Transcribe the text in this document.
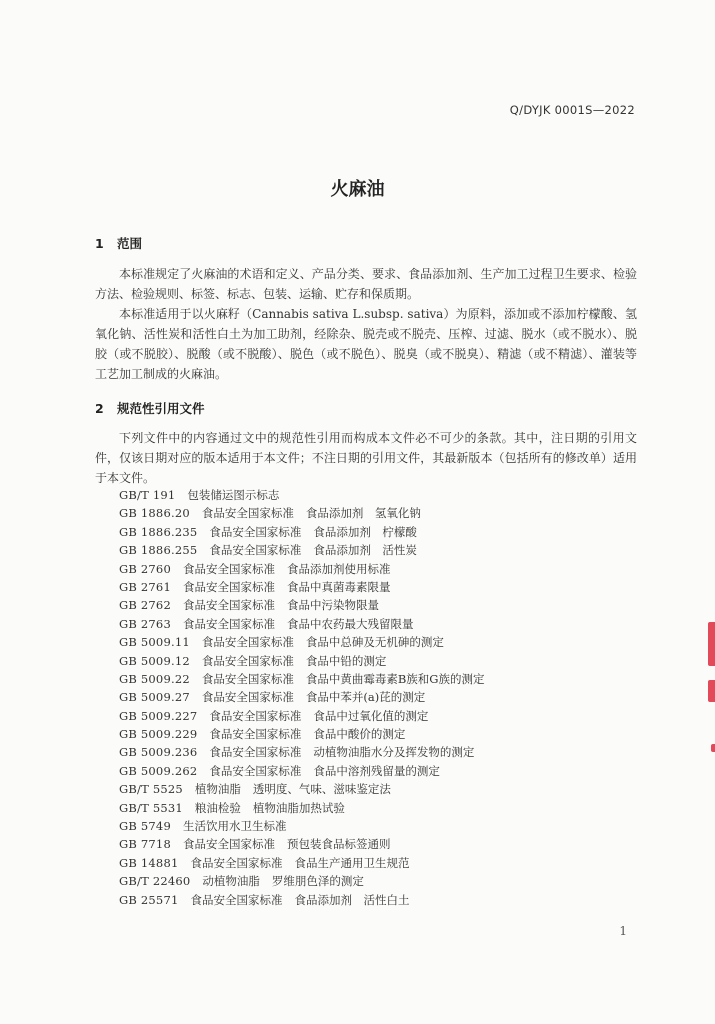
Q/DYJK 0001S—2022
火麻油
1 范围
本标准规定了火麻油的术语和定义、产品分类、要求、食品添加剂、生产加工过程卫生要求、检验方法、检验规则、标签、标志、包装、运输、贮存和保质期。
本标准适用于以火麻籽（Cannabis sativa L.subsp. sativa）为原料，添加或不添加柠檬酸、氢氧化钠、活性炭和活性白土为加工助剂，经除杂、脱壳或不脱壳、压榨、过滤、脱水（或不脱水）、脱胶（或不脱胶）、脱酸（或不脱酸）、脱色（或不脱色）、脱臭（或不脱臭）、精滤（或不精滤）、灌装等工艺加工制成的火麻油。
2 规范性引用文件
下列文件中的内容通过文中的规范性引用而构成本文件必不可少的条款。其中，注日期的引用文件，仅该日期对应的版本适用于本文件；不注日期的引用文件，其最新版本（包括所有的修改单）适用于本文件。
GB/T 191 包装储运图示标志
GB 1886.20 食品安全国家标准 食品添加剂　氢氧化钠
GB 1886.235 食品安全国家标准 食品添加剂　柠檬酸
GB 1886.255 食品安全国家标准 食品添加剂　活性炭
GB 2760 食品安全国家标准 食品添加剂使用标准
GB 2761 食品安全国家标准 食品中真菌毒素限量
GB 2762 食品安全国家标准 食品中污染物限量
GB 2763 食品安全国家标准 食品中农药最大残留限量
GB 5009.11 食品安全国家标准 食品中总砷及无机砷的测定
GB 5009.12 食品安全国家标准 食品中铅的测定
GB 5009.22 食品安全国家标准 食品中黄曲霉毒素B族和G族的测定
GB 5009.27 食品安全国家标准 食品中苯并(a)芘的测定
GB 5009.227 食品安全国家标准 食品中过氧化值的测定
GB 5009.229 食品安全国家标准 食品中酸价的测定
GB 5009.236 食品安全国家标准 动植物油脂水分及挥发物的测定
GB 5009.262 食品安全国家标准 食品中溶剂残留量的测定
GB/T 5525 植物油脂 透明度、气味、滋味鉴定法
GB/T 5531 粮油检验 植物油脂加热试验
GB 5749 生活饮用水卫生标准
GB 7718 食品安全国家标准 预包装食品标签通则
GB 14881 食品安全国家标准 食品生产通用卫生规范
GB/T 22460 动植物油脂 罗维朋色泽的测定
GB 25571 食品安全国家标准 食品添加剂　活性白土
1
